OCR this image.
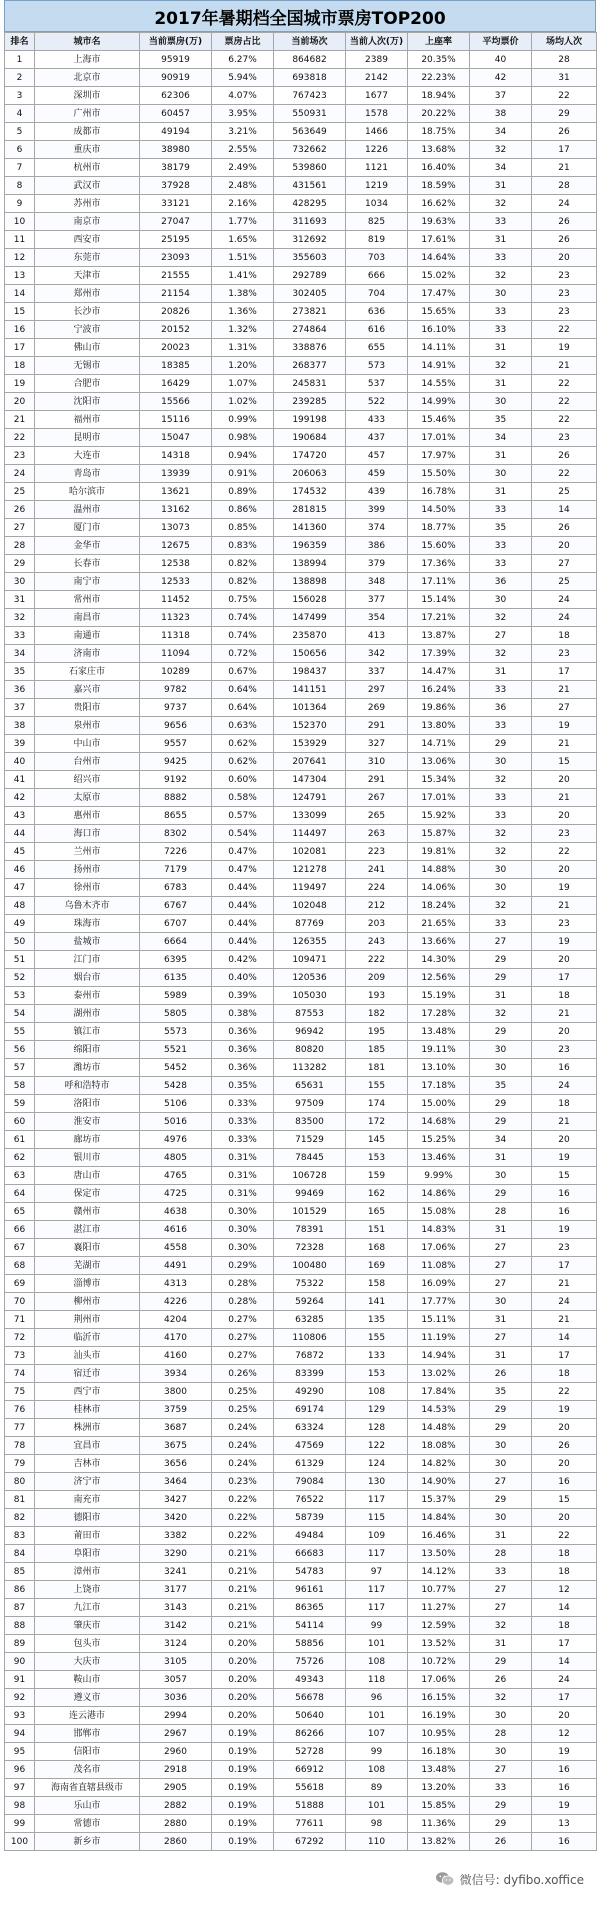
2017年暑期档全国城市票房TOP200
排名	城市名	当前票房(万)	票房占比	当前场次	当前人次(万)	上座率	平均票价	场均人次
1	上海市	95919	6.27%	864682	2389	20.35%	40	28
2	北京市	90919	5.94%	693818	2142	22.23%	42	31
3	深圳市	62306	4.07%	767423	1677	18.94%	37	22
4	广州市	60457	3.95%	550931	1578	20.22%	38	29
5	成都市	49194	3.21%	563649	1466	18.75%	34	26
6	重庆市	38980	2.55%	732662	1226	13.68%	32	17
7	杭州市	38179	2.49%	539860	1121	16.40%	34	21
8	武汉市	37928	2.48%	431561	1219	18.59%	31	28
9	苏州市	33121	2.16%	428295	1034	16.62%	32	24
10	南京市	27047	1.77%	311693	825	19.63%	33	26
11	西安市	25195	1.65%	312692	819	17.61%	31	26
12	东莞市	23093	1.51%	355603	703	14.64%	33	20
13	天津市	21555	1.41%	292789	666	15.02%	32	23
14	郑州市	21154	1.38%	302405	704	17.47%	30	23
15	长沙市	20826	1.36%	273821	636	15.65%	33	23
16	宁波市	20152	1.32%	274864	616	16.10%	33	22
17	佛山市	20023	1.31%	338876	655	14.11%	31	19
18	无锡市	18385	1.20%	268377	573	14.91%	32	21
19	合肥市	16429	1.07%	245831	537	14.55%	31	22
20	沈阳市	15566	1.02%	239285	522	14.99%	30	22
21	福州市	15116	0.99%	199198	433	15.46%	35	22
22	昆明市	15047	0.98%	190684	437	17.01%	34	23
23	大连市	14318	0.94%	174720	457	17.97%	31	26
24	青岛市	13939	0.91%	206063	459	15.50%	30	22
25	哈尔滨市	13621	0.89%	174532	439	16.78%	31	25
26	温州市	13162	0.86%	281815	399	14.50%	33	14
27	厦门市	13073	0.85%	141360	374	18.77%	35	26
28	金华市	12675	0.83%	196359	386	15.60%	33	20
29	长春市	12538	0.82%	138994	379	17.36%	33	27
30	南宁市	12533	0.82%	138898	348	17.11%	36	25
31	常州市	11452	0.75%	156028	377	15.14%	30	24
32	南昌市	11323	0.74%	147499	354	17.21%	32	24
33	南通市	11318	0.74%	235870	413	13.87%	27	18
34	济南市	11094	0.72%	150656	342	17.39%	32	23
35	石家庄市	10289	0.67%	198437	337	14.47%	31	17
36	嘉兴市	9782	0.64%	141151	297	16.24%	33	21
37	贵阳市	9737	0.64%	101364	269	19.86%	36	27
38	泉州市	9656	0.63%	152370	291	13.80%	33	19
39	中山市	9557	0.62%	153929	327	14.71%	29	21
40	台州市	9425	0.62%	207641	310	13.06%	30	15
41	绍兴市	9192	0.60%	147304	291	15.34%	32	20
42	太原市	8882	0.58%	124791	267	17.01%	33	21
43	惠州市	8655	0.57%	133099	265	15.92%	33	20
44	海口市	8302	0.54%	114497	263	15.87%	32	23
45	兰州市	7226	0.47%	102081	223	19.81%	32	22
46	扬州市	7179	0.47%	121278	241	14.88%	30	20
47	徐州市	6783	0.44%	119497	224	14.06%	30	19
48	乌鲁木齐市	6767	0.44%	102048	212	18.24%	32	21
49	珠海市	6707	0.44%	87769	203	21.65%	33	23
50	盐城市	6664	0.44%	126355	243	13.66%	27	19
51	江门市	6395	0.42%	109471	222	14.30%	29	20
52	烟台市	6135	0.40%	120536	209	12.56%	29	17
53	泰州市	5989	0.39%	105030	193	15.19%	31	18
54	湖州市	5805	0.38%	87553	182	17.28%	32	21
55	镇江市	5573	0.36%	96942	195	13.48%	29	20
56	绵阳市	5521	0.36%	80820	185	19.11%	30	23
57	潍坊市	5452	0.36%	113282	181	13.10%	30	16
58	呼和浩特市	5428	0.35%	65631	155	17.18%	35	24
59	洛阳市	5106	0.33%	97509	174	15.00%	29	18
60	淮安市	5016	0.33%	83500	172	14.68%	29	21
61	廊坊市	4976	0.33%	71529	145	15.25%	34	20
62	银川市	4805	0.31%	78445	153	13.46%	31	19
63	唐山市	4765	0.31%	106728	159	9.99%	30	15
64	保定市	4725	0.31%	99469	162	14.86%	29	16
65	赣州市	4638	0.30%	101529	165	15.08%	28	16
66	湛江市	4616	0.30%	78391	151	14.83%	31	19
67	襄阳市	4558	0.30%	72328	168	17.06%	27	23
68	芜湖市	4491	0.29%	100480	169	11.08%	27	17
69	淄博市	4313	0.28%	75322	158	16.09%	27	21
70	柳州市	4226	0.28%	59264	141	17.77%	30	24
71	荆州市	4204	0.27%	63285	135	15.11%	31	21
72	临沂市	4170	0.27%	110806	155	11.19%	27	14
73	汕头市	4160	0.27%	76872	133	14.94%	31	17
74	宿迁市	3934	0.26%	83399	153	13.02%	26	18
75	西宁市	3800	0.25%	49290	108	17.84%	35	22
76	桂林市	3759	0.25%	69174	129	14.53%	29	19
77	株洲市	3687	0.24%	63324	128	14.48%	29	20
78	宜昌市	3675	0.24%	47569	122	18.08%	30	26
79	吉林市	3656	0.24%	61329	124	14.82%	30	20
80	济宁市	3464	0.23%	79084	130	14.90%	27	16
81	南充市	3427	0.22%	76522	117	15.37%	29	15
82	德阳市	3420	0.22%	58739	115	14.84%	30	20
83	莆田市	3382	0.22%	49484	109	16.46%	31	22
84	阜阳市	3290	0.21%	66683	117	13.50%	28	18
85	漳州市	3241	0.21%	54783	97	14.12%	33	18
86	上饶市	3177	0.21%	96161	117	10.77%	27	12
87	九江市	3143	0.21%	86365	117	11.27%	27	14
88	肇庆市	3142	0.21%	54114	99	12.59%	32	18
89	包头市	3124	0.20%	58856	101	13.52%	31	17
90	大庆市	3105	0.20%	75726	108	10.72%	29	14
91	鞍山市	3057	0.20%	49343	118	17.06%	26	24
92	遵义市	3036	0.20%	56678	96	16.15%	32	17
93	连云港市	2994	0.20%	50640	101	16.19%	30	20
94	邯郸市	2967	0.19%	86266	107	10.95%	28	12
95	信阳市	2960	0.19%	52728	99	16.18%	30	19
96	茂名市	2918	0.19%	66912	108	13.48%	27	16
97	海南省直辖县级市	2905	0.19%	55618	89	13.20%	33	16
98	乐山市	2882	0.19%	51888	101	15.85%	29	19
99	常德市	2880	0.19%	77611	98	11.36%	29	13
100	新乡市	2860	0.19%	67292	110	13.82%	26	16
微信号: dyfibo.xoffice
